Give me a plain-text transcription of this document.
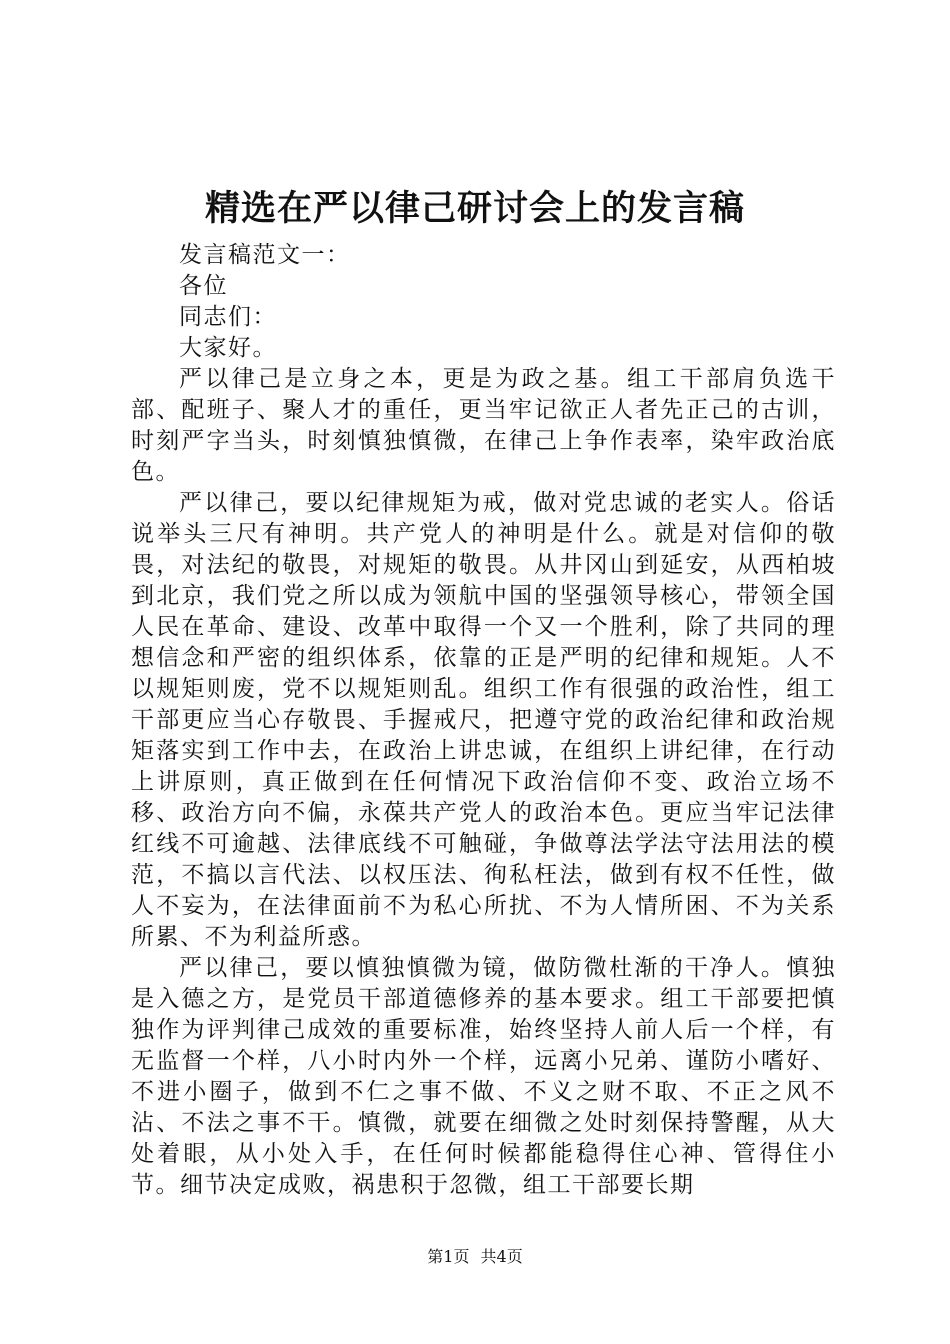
精选在严以律己研讨会上的发言稿

发言稿范文一：

各位

同志们：

大家好。

严以律己是立身之本，更是为政之基。组工干部肩负选干部、配班子、聚人才的重任，更当牢记欲正人者先正己的古训，时刻严字当头，时刻慎独慎微，在律己上争作表率，染牢政治底色。

严以律己，要以纪律规矩为戒，做对党忠诚的老实人。俗话说举头三尺有神明。共产党人的神明是什么。就是对信仰的敬畏，对法纪的敬畏，对规矩的敬畏。从井冈山到延安，从西柏坡到北京，我们党之所以成为领航中国的坚强领导核心，带领全国人民在革命、建设、改革中取得一个又一个胜利，除了共同的理想信念和严密的组织体系，依靠的正是严明的纪律和规矩。人不以规矩则废，党不以规矩则乱。组织工作有很强的政治性，组工干部更应当心存敬畏、手握戒尺，把遵守党的政治纪律和政治规矩落实到工作中去，在政治上讲忠诚，在组织上讲纪律，在行动上讲原则，真正做到在任何情况下政治信仰不变、政治立场不移、政治方向不偏，永葆共产党人的政治本色。更应当牢记法律红线不可逾越、法律底线不可触碰，争做尊法学法守法用法的模范，不搞以言代法、以权压法、徇私枉法，做到有权不任性，做人不妄为，在法律面前不为私心所扰、不为人情所困、不为关系所累、不为利益所惑。

严以律己，要以慎独慎微为镜，做防微杜渐的干净人。慎独是入德之方，是党员干部道德修养的基本要求。组工干部要把慎独作为评判律己成效的重要标准，始终坚持人前人后一个样，有无监督一个样，八小时内外一个样，远离小兄弟、谨防小嗜好、不进小圈子，做到不仁之事不做、不义之财不取、不正之风不沾、不法之事不干。慎微，就要在细微之处时刻保持警醒，从大处着眼，从小处入手，在任何时候都能稳得住心神、管得住小节。细节决定成败，祸患积于忽微，组工干部要长期

第1页 共4页
